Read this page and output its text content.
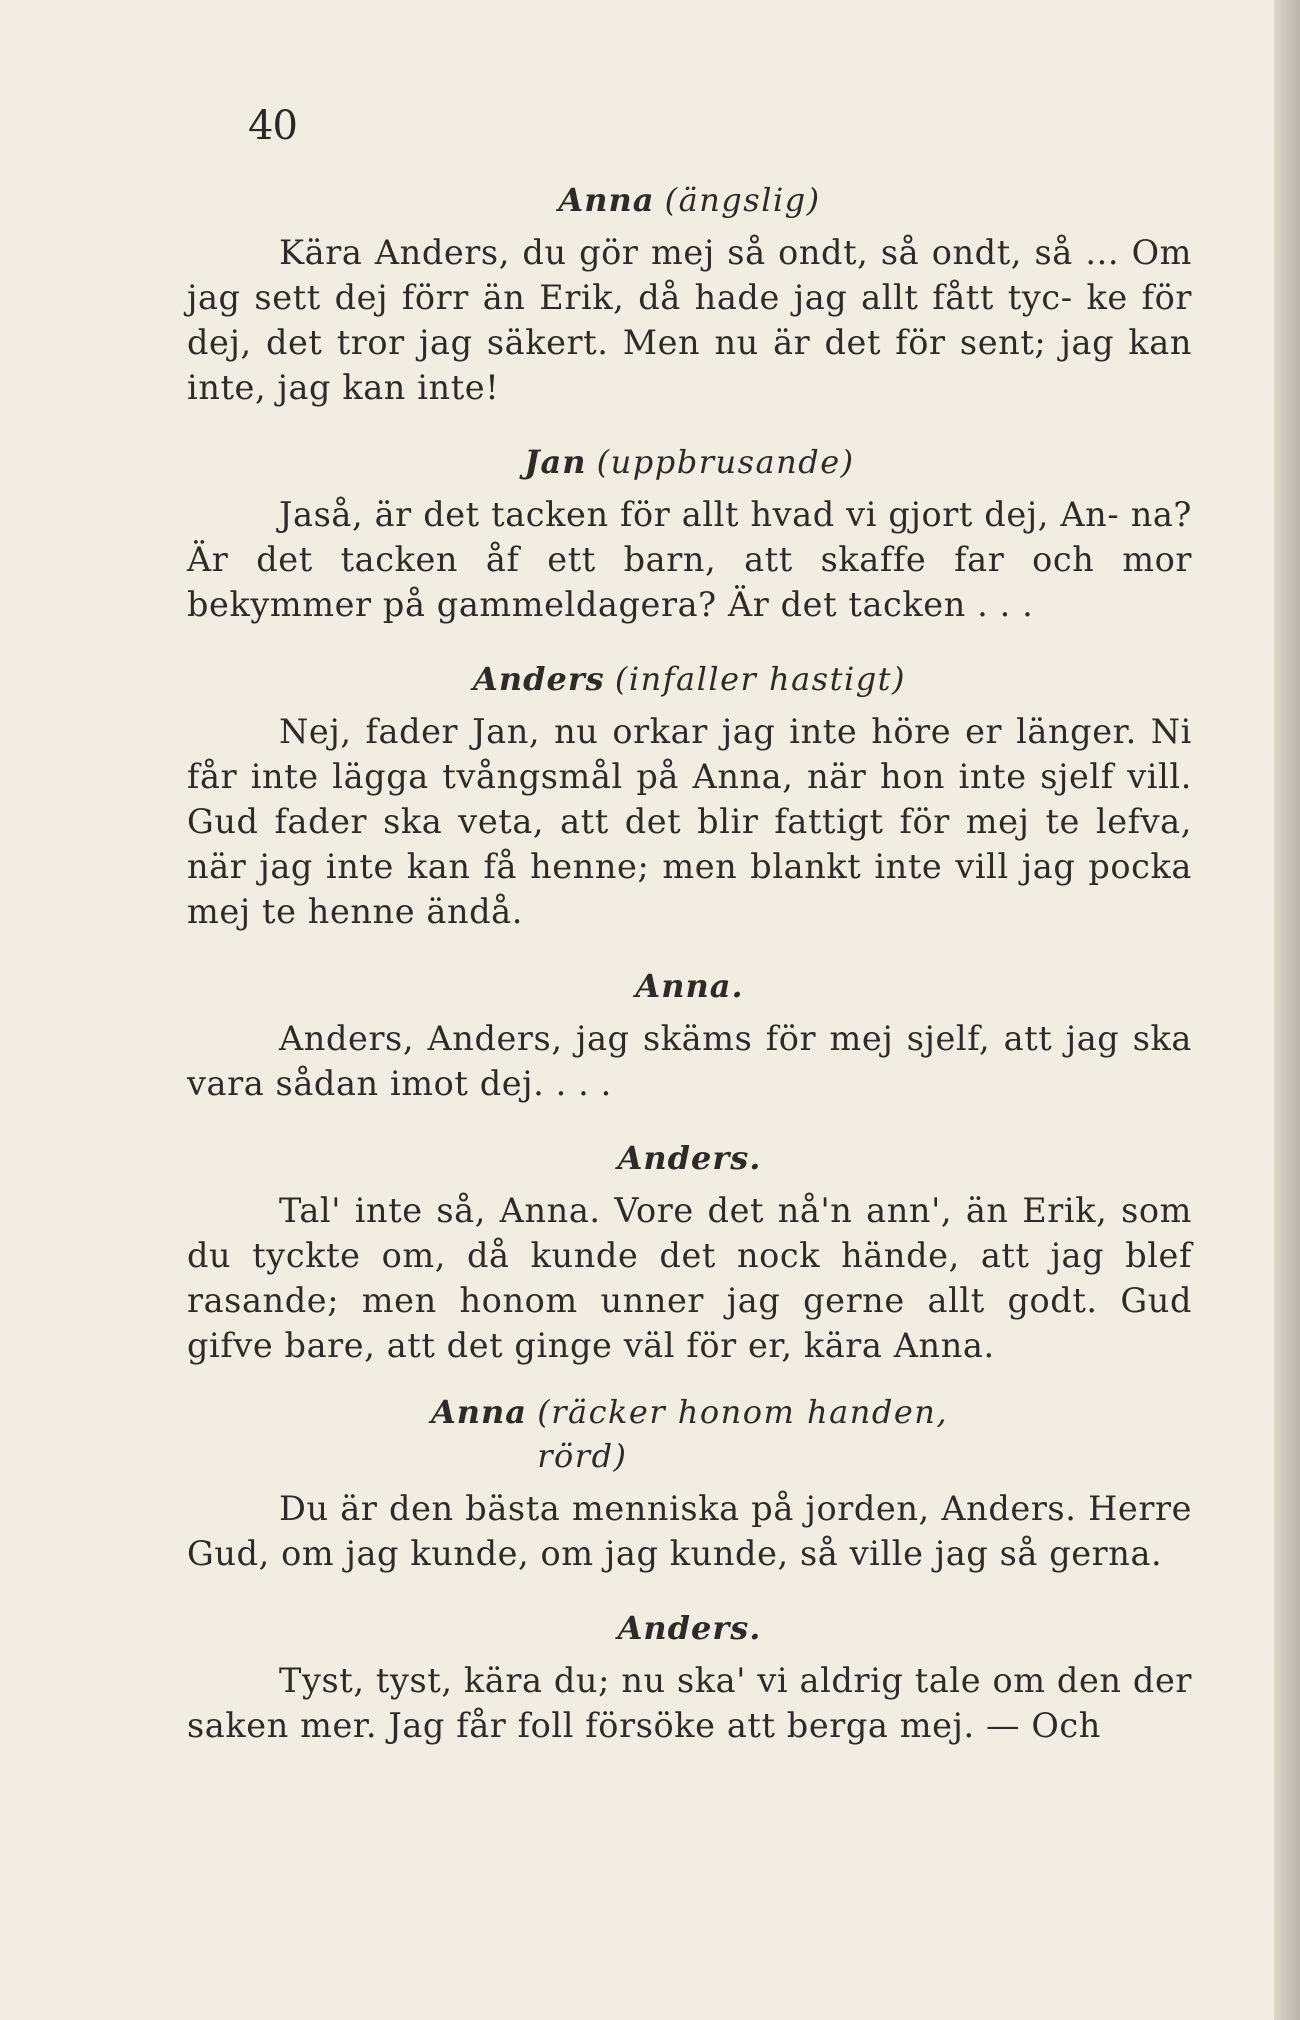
40
Anna (ängslig)

Kära Anders, du gör mej så ondt, så ondt, så ... Om jag sett dej förr än Erik, då hade jag allt fått tyc- ke för dej, det tror jag säkert. Men nu är det för sent; jag kan inte, jag kan inte!

Jan (uppbrusande)

Jaså, är det tacken för allt hvad vi gjort dej, An- na? Är det tacken åf ett barn, att skaffe far och mor bekymmer på gammeldagera? Är det tacken . . .

Anders (infaller hastigt)

Nej, fader Jan, nu orkar jag inte höre er länger. Ni får inte lägga tvångsmål på Anna, när hon inte sjelf vill. Gud fader ska veta, att det blir fattigt för mej te lefva, när jag inte kan få henne; men blankt inte vill jag pocka mej te henne ändå.

Anna.

Anders, Anders, jag skäms för mej sjelf, att jag ska vara sådan imot dej. . . .

Anders.

Tal' inte så, Anna. Vore det nå'n ann', än Erik, som du tyckte om, då kunde det nock hände, att jag blef rasande; men honom unner jag gerne allt godt. Gud gifve bare, att det ginge väl för er, kära Anna.

Anna (räcker honom handen,
rörd)

Du är den bästa menniska på jorden, Anders. Herre Gud, om jag kunde, om jag kunde, så ville jag så gerna.

Anders.

Tyst, tyst, kära du; nu ska' vi aldrig tale om den der saken mer. Jag får foll försöke att berga mej. — Och
